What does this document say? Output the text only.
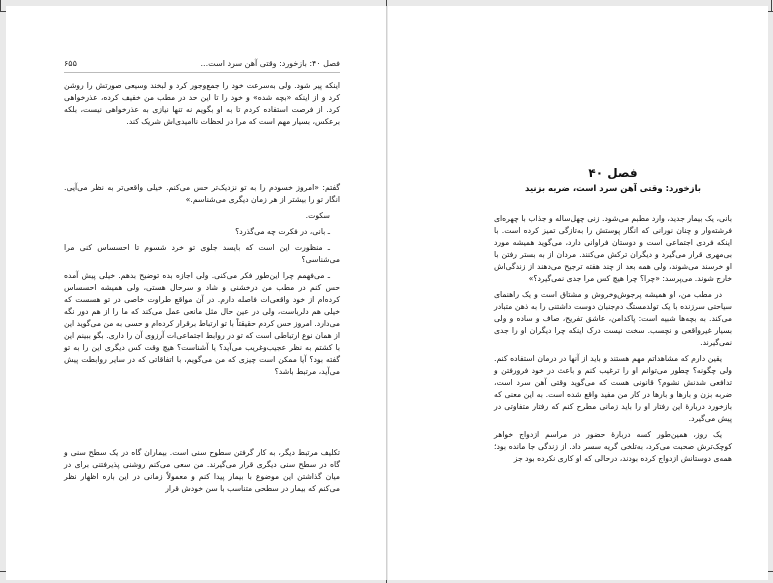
فصل ۴۰: بازخورد: وقتی آهن سرد است...
۶۵۵

اینکه پیر شود. ولی به‌سرعت خود را جمع‌وجور کرد و لبخند وسیعی صورتش را روشن کرد و از اینکه «بچه شده» و خود را تا این حد در مطب من خفیف کرده، عذرخواهی کرد. از فرصت استفاده کردم تا به او بگویم نه تنها نیازی به عذرخواهی نیست، بلکه برعکس، بسیار مهم است که مرا در لحظات ناامیدی‌اش شریک کند.

گفتم: «امروز خسودم را به تو نزدیک‌تر حس می‌کنم. خیلی واقعی‌تر به نظر می‌آیی. انگار تو را بیشتر از هر زمان دیگری می‌شناسم.»

سکوت.

ـ بانی، در فکرت چه می‌گذرد؟

ـ منظورت این است که بایسد جلوی تو خرد شسوم تا احسساس کنی مرا می‌شناسی؟

ـ می‌فهمم چرا این‌طور فکر می‌کنی. ولی اجازه بده توضیح بدهم. خیلی پیش آمده حس کنم در مطب من درخشنی و شاد و سرحال هستی، ولی همیشه احسساس کرده‌ام از خود واقعی‌ات فاصله دارم. در آن مواقع طراوت خاصی در تو هسست که خیلی هم دلرباست، ولی در عین حال مثل مانعی عمل می‌کند که ما را از هم دور نگه می‌دارد. امروز حس کردم حقیقتاً با تو ارتباط برقرار کرده‌ام و حسی به من می‌گوید این از همان نوع ارتباطی است که تو در روابط اجتماعی‌ات آرزوی آن را داری. بگو ببینم این با کشتم به نظر عجیب‌وغریب می‌آید؟ یا آشناست؟ هیچ وقت کس دیگری این را به تو گفته بود؟ آیا ممکن است چیزی که من می‌گویم، با اتفاقاتی که در سایر روابطت پیش می‌آید، مرتبط باشد؟

تکلیف مرتبط دیگر، به کار گرفتن سطوح سنی است. بیماران گاه در یک سطح سنی و گاه در سطح سنی دیگری قرار می‌گیرند. من سعی می‌کنم روشنی پذیرفتنی برای در میان گذاشتن این موضوع با بیمار پیدا کنم و معمولاً زمانی در این باره اظهار نظر می‌کنم که بیمار در سطحی متناسب با سن خودش قرار

فصل ۴۰
بازخورد: وقتی آهن سرد است، ضربه بزنید

بانی، یک بیمار جدید، وارد مطبم می‌شود. زنی چهل‌ساله و جذاب با چهره‌ای فرشته‌وار و چنان نورانی که انگار پوستش را به‌تازگی تمیز کرده است. با اینکه فردی اجتماعی است و دوستان فراوانی دارد، می‌گوید همیشه مورد بی‌مهری قرار می‌گیرد و دیگران ترکش می‌کنند. مردان از به بستر رفتن با او خرسند می‌شوند، ولی همه بعد از چند هفته ترجیح می‌دهند از زندگی‌اش خارج شوند. می‌پرسد: «چرا؟ چرا هیچ کس مرا جدی نمی‌گیرد؟»

در مطب من، او همیشه پرجوش‌وخروش و مشتاق است و یک راهنمای سیاحتی سرزنده با یک تولدمستگ دم‌جنبان دوست داشتنی را به ذهن متبادر می‌کند. به بچه‌ها شبیه است: پاکدامن، عاشق تفریح، صاف و ساده و ولی بسیار غیرواقعی و نچسب. سخت نیست درک اینکه چرا دیگران او را جدی نمی‌گیرند.

یقین دارم که مشاهداتم مهم هستند و باید از آنها در درمان استفاده کنم. ولی چگونه؟ چطور می‌توانم او را ترغیب کنم و باعث در خود فرورفتن و تدافعی شدنش نشوم؟ قانونی هست که می‌گوید وقتی آهن سرد است، ضربه بزن و بارها و بارها در کار من مفید واقع شده است. به این معنی که بازخورد دربارهٔ این رفتار او را باید زمانی مطرح کنم که رفتار متفاوتی در پیش می‌گیرد.

یک روز، همین‌طور کسه دربارهٔ حضور در مراسم ازدواج خواهر کوچک‌ترش صحبت می‌کرد، به‌تلخی گریه سسر داد. از زندگی جا مانده بود؛ همه‌ی دوستانش ازدواج کرده بودند، درحالی که او کاری نکرده بود جز
